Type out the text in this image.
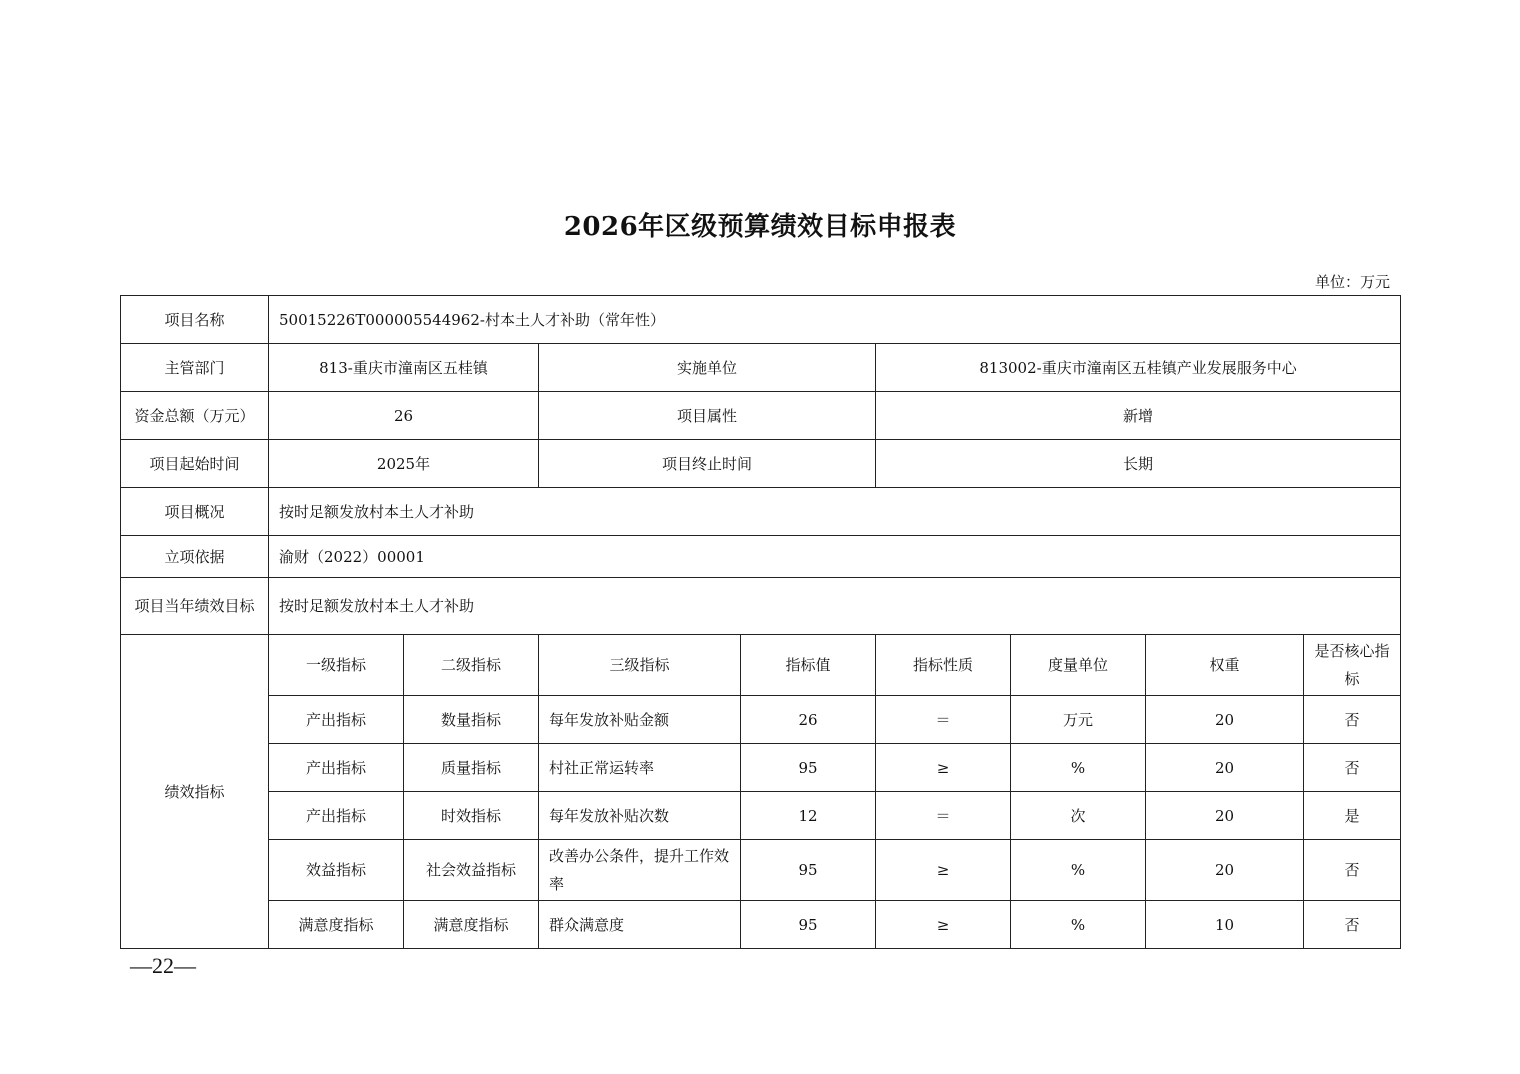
2026年区级预算绩效目标申报表
单位：万元
项目名称	50015226T000005544962-村本土人才补助（常年性）							
主管部门	813-重庆市潼南区五桂镇		实施单位		813002-重庆市潼南区五桂镇产业发展服务中心			
资金总额（万元）	26		项目属性		新增			
项目起始时间	2025年		项目终止时间		长期			
项目概况	按时足额发放村本土人才补助							
立项依据	渝财（2022）00001							
项目当年绩效目标	按时足额发放村本土人才补助							
绩效指标	一级指标	二级指标	三级指标	指标值	指标性质	度量单位	权重	是否核心指标
	产出指标	数量指标	每年发放补贴金额	26	＝	万元	20	否
	产出指标	质量指标	村社正常运转率	95	≥	%	20	否
	产出指标	时效指标	每年发放补贴次数	12	＝	次	20	是
	效益指标	社会效益指标	改善办公条件，提升工作效率	95	≥	%	20	否
	满意度指标	满意度指标	群众满意度	95	≥	%	10	否
—22—
